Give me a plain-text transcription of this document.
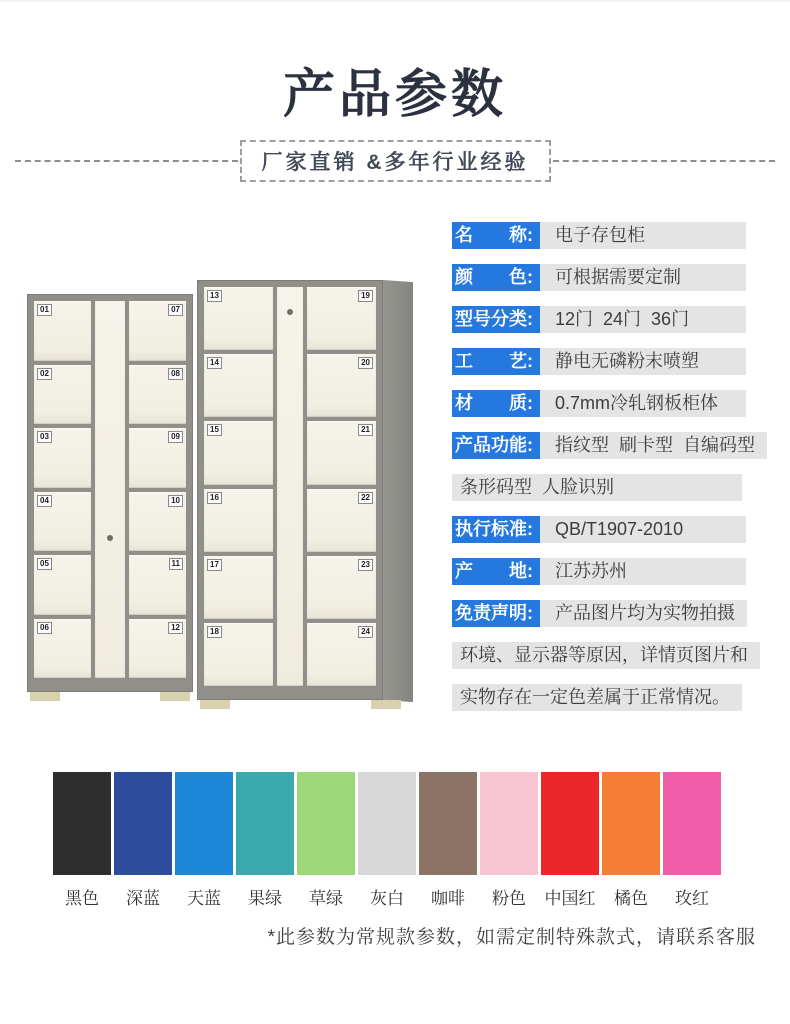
产品参数
厂家直销 &多年行业经验
01
02
03
04
05
06
07
08
09
10
11
12
13
14
15
16
17
18
19
20
21
22
23
24
名　　称:	电子存包柜
颜　　色:	可根据需要定制
型号分类:	12门  24门  36门
工　　艺:	静电无磷粉末喷塑
材　　质:	0.7mm冷轧钢板柜体
产品功能:	指纹型  刷卡型  自编码型
条形码型  人脸识别
执行标准:	QB/T1907-2010
产　　地:	江苏苏州
免责声明:	产品图片均为实物拍摄
环境、显示器等原因，详情页图片和
实物存在一定色差属于正常情况。
黑色	深蓝	天蓝	果绿	草绿	灰白	咖啡	粉色	中国红	橘色	玫红
*此参数为常规款参数，如需定制特殊款式，请联系客服
